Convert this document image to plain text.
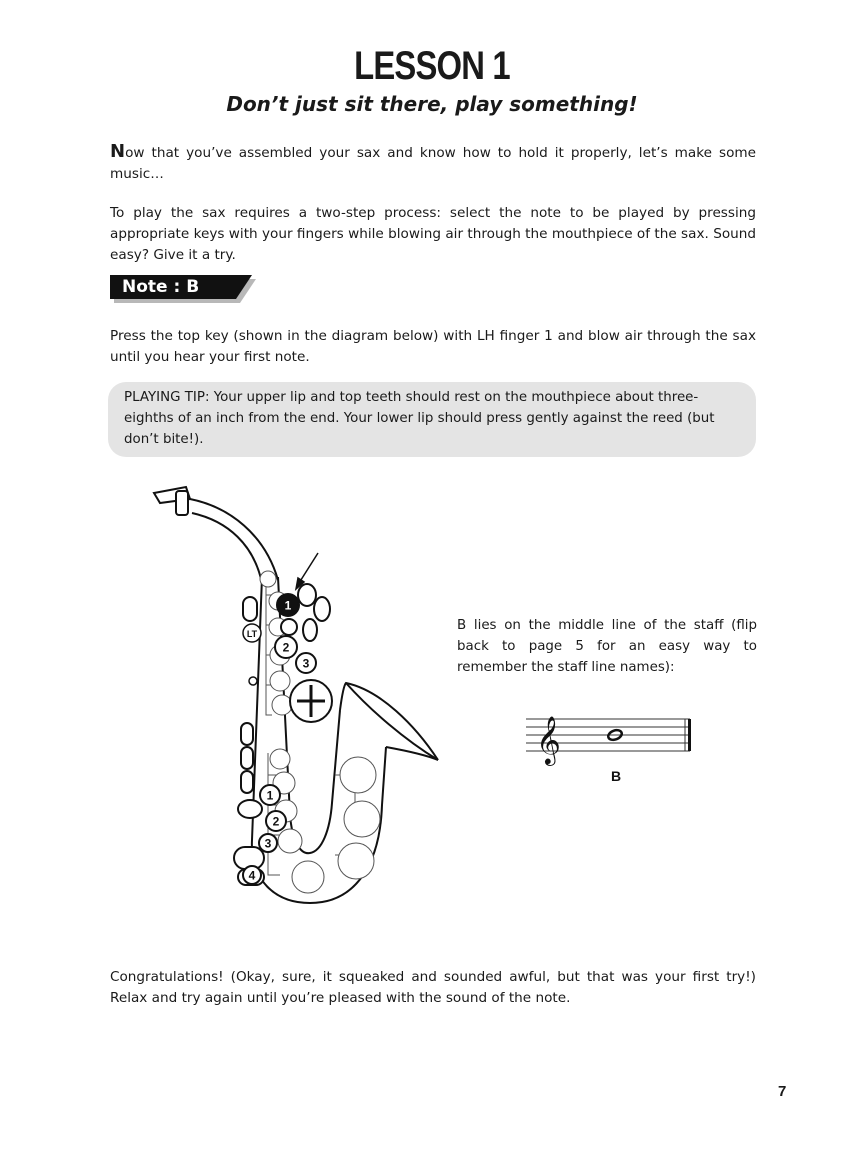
LESSON 1
Don’t just sit there, play something!

Now that you’ve assembled your sax and know how to hold it properly, let’s make some music…

To play the sax requires a two-step process: select the note to be played by pressing appropriate keys with your fingers while blowing air through the mouthpiece of the sax. Sound easy? Give it a try.

Note : B

Press the top key (shown in the diagram below) with LH finger 1 and blow air through the sax until you hear your first note.

PLAYING TIP: Your upper lip and top teeth should rest on the mouthpiece about three-eighths of an inch from the end. Your lower lip should press gently against the reed (but don’t bite!).
LT
1
2
3
1
2
3
4

B lies on the middle line of the staff (flip back to page 5 for an easy way to remember the staff line names):

𝄞
B

Congratulations! (Okay, sure, it squeaked and sounded awful, but that was your first try!) Relax and try again until you’re pleased with the sound of the note.

7
